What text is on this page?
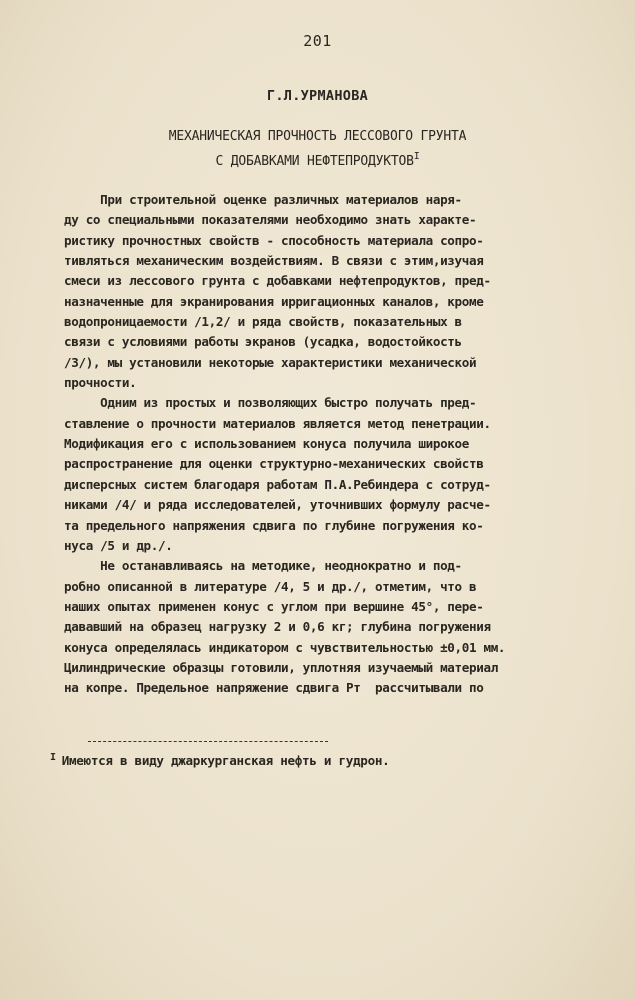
201
Г.Л.УРМАНОВА
МЕХАНИЧЕСКАЯ ПРОЧНОСТЬ ЛЕССОВОГО ГРУНТА
С ДОБАВКАМИ $НЕФТЕПРОДУКТОВ^I$
При строительной оценке различных материалов наря-
ду со специальными показателями необходимо знать характе-
ристику прочностных свойств - способность материала сопро-
тивляться механическим воздействиям. В связи с этим,изучая
смеси из лессового грунта с добавками нефтепродуктов, пред-
назначенные для экранирования ирригационных каналов, кроме
водопроницаемости /1,2/ и ряда свойств, показательных в
связи с условиями работы экранов (усадка, водостойкость
/3/), мы установили некоторые характеристики механической
прочности.
Одним из простых и позволяющих быстро получать пред-
ставление о прочности материалов является метод пенетрации.
Модификация его с использованием конуса получила широкое
распространение для оценки структурно-механических свойств
дисперсных систем благодаря работам П.А.Ребиндера с сотруд-
никами /4/ и ряда исследователей, уточнивших формулу расче-
та предельного напряжения сдвига по глубине погружения ко-
нуса /5 и др./.
Не останавливаясь на методике, неоднократно и под-
робно описанной в литературе /4, 5 и др./, отметим, что в
наших опытах применен конус с углом при вершине 45°, пере-
дававший на образец нагрузку 2 и 0,6 кг; глубина погружения
конуса определялась индикатором с чувствительностью ±0,01 мм.
Цилиндрические образцы готовили, уплотняя изучаемый материал
на копре. Предельное напряжение сдвига Pт  рассчитывали по
$^I$ Имеются в виду джаркурганская нефть и гудрон.
